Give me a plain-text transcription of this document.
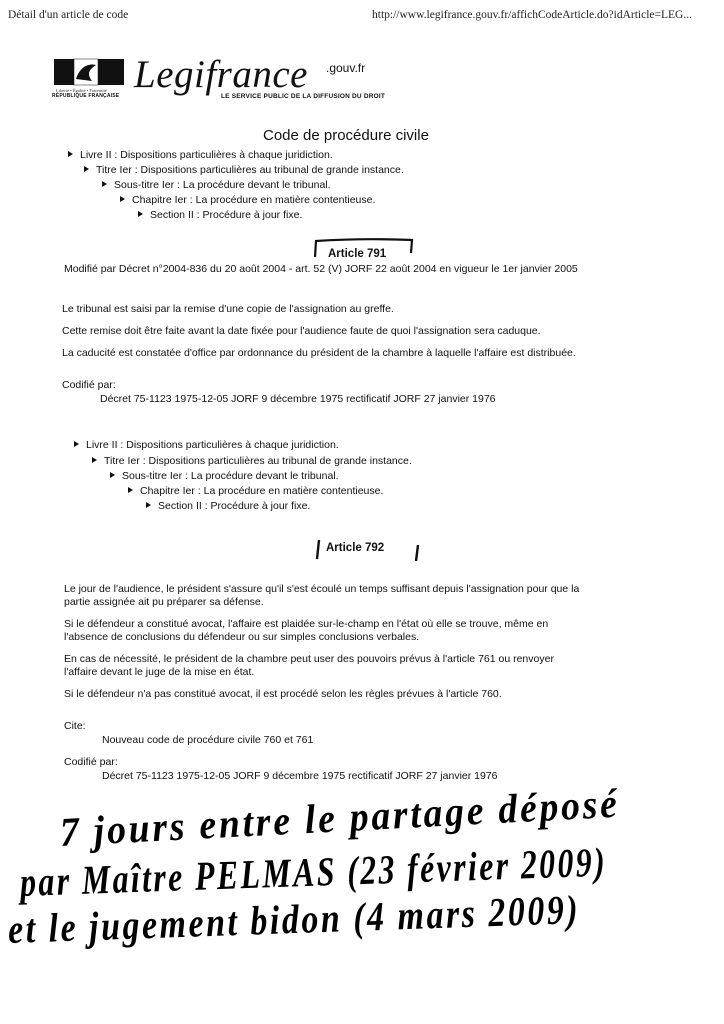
Détail d'un article de code	http://www.legifrance.gouv.fr/affichCodeArticle.do?idArticle=LEG...
Liberté • Égalité • Fraternité
RÉPUBLIQUE FRANÇAISE Legifrance .gouv.fr
LE SERVICE PUBLIC DE LA DIFFUSION DU DROIT
Code de procédure civile
Livre II : Dispositions particulières à chaque juridiction.
Titre Ier : Dispositions particulières au tribunal de grande instance.
Sous-titre Ier : La procédure devant le tribunal.
Chapitre Ier : La procédure en matière contentieuse.
Section II : Procédure à jour fixe.
Article 791
Modifié par Décret n°2004-836 du 20 août 2004 - art. 52 (V) JORF 22 août 2004 en vigueur le 1er janvier 2005
Le tribunal est saisi par la remise d'une copie de l'assignation au greffe.
Cette remise doit être faite avant la date fixée pour l'audience faute de quoi l'assignation sera caduque.
La caducité est constatée d'office par ordonnance du président de la chambre à laquelle l'affaire est distribuée.
Codifié par:
Décret 75-1123 1975-12-05 JORF 9 décembre 1975 rectificatif JORF 27 janvier 1976
Livre II : Dispositions particulières à chaque juridiction.
Titre Ier : Dispositions particulières au tribunal de grande instance.
Sous-titre Ier : La procédure devant le tribunal.
Chapitre Ier : La procédure en matière contentieuse.
Section II : Procédure à jour fixe.
Article 792
Le jour de l'audience, le président s'assure qu'il s'est écoulé un temps suffisant depuis l'assignation pour que la
partie assignée ait pu préparer sa défense.
Si le défendeur a constitué avocat, l'affaire est plaidée sur-le-champ en l'état où elle se trouve, même en
l'absence de conclusions du défendeur ou sur simples conclusions verbales.
En cas de nécessité, le président de la chambre peut user des pouvoirs prévus à l'article 761 ou renvoyer
l'affaire devant le juge de la mise en état.
Si le défendeur n'a pas constitué avocat, il est procédé selon les règles prévues à l'article 760.
Cite:
Nouveau code de procédure civile 760 et 761
Codifié par:
Décret 75-1123 1975-12-05 JORF 9 décembre 1975 rectificatif JORF 27 janvier 1976
7 jours entre le partage déposé
par Maître PELMAS (23 février 2009)
et le jugement bidon (4 mars 2009)
